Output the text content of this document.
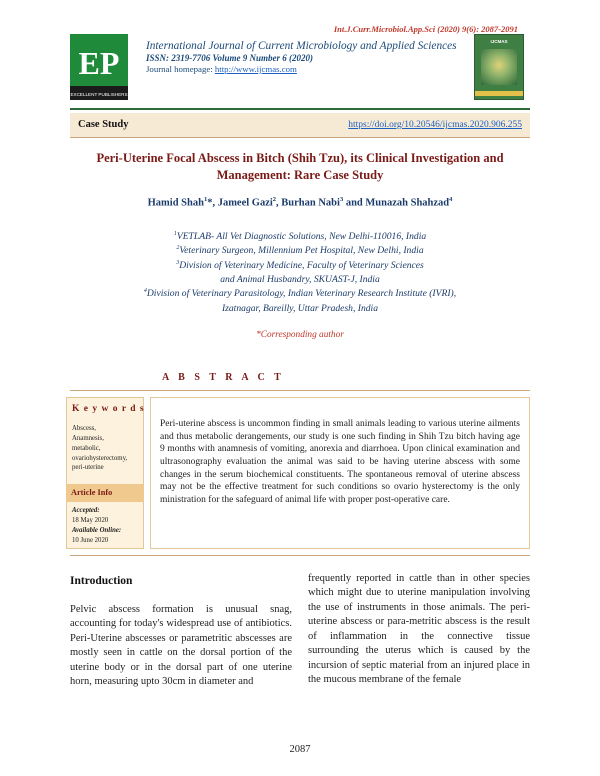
Int.J.Curr.Microbiol.App.Sci (2020) 9(6): 2087-2091
EP
EXCELLENT PUBLISHERS
International Journal of Current Microbiology and Applied Sciences
ISSN: 2319-7706 Volume 9 Number 6 (2020)
Journal homepage: http://www.ijcmas.com
IJCMAS
Case Study	https://doi.org/10.20546/ijcmas.2020.906.255
Peri-Uterine Focal Abscess in Bitch (Shih Tzu), its Clinical Investigation and Management: Rare Case Study
Hamid Shah$^1$*, Jameel Gazi$^2$, Burhan Nabi$^3$ and Munazah Shahzad$^4$
$^1$VETLAB- All Vet Diagnostic Solutions, New Delhi-110016, India
$^2$Veterinary Surgeon, Millennium Pet Hospital, New Delhi, India
$^3$Division of Veterinary Medicine, Faculty of Veterinary Sciences
and Animal Husbandry, SKUAST-J, India
$^4$Division of Veterinary Parasitology, Indian Veterinary Research Institute (IVRI),
Izatnagar, Bareilly, Uttar Pradesh, India
*Corresponding author
A B S T R A C T
K e y w o r d s
Abscess,
Anamnesis,
metabolic,
ovariohysterectomy,
peri-uterine
Article Info
Accepted:
18 May 2020
Available Online:
10 June 2020
Peri-uterine abscess is uncommon finding in small animals leading to various uterine ailments and thus metabolic derangements, our study is one such finding in Shih Tzu bitch having age 9 months with anamnesis of vomiting, anorexia and diarrhoea. Upon clinical examination and ultrasonography evaluation the animal was said to be having uterine abscess with some changes in the serum biochemical constituents. The spontaneous removal of uterine abscess may not be the effective treatment for such conditions so ovario hysterectomy is the only ministration for the safeguard of animal life with proper post-operative care.
Introduction
Pelvic abscess formation is unusual snag, accounting for today's widespread use of antibiotics. Peri-Uterine abscesses or parametritic abscesses are mostly seen in cattle on the dorsal portion of the uterine body or in the dorsal part of one uterine horn, measuring upto 30cm in diameter and
frequently reported in cattle than in other species which might due to uterine manipulation involving the use of instruments in those animals. The peri-uterine abscess or para-metritic abscess is the result of inflammation in the connective tissue surrounding the uterus which is caused by the incursion of septic material from an injured place in the mucous membrane of the female
2087
